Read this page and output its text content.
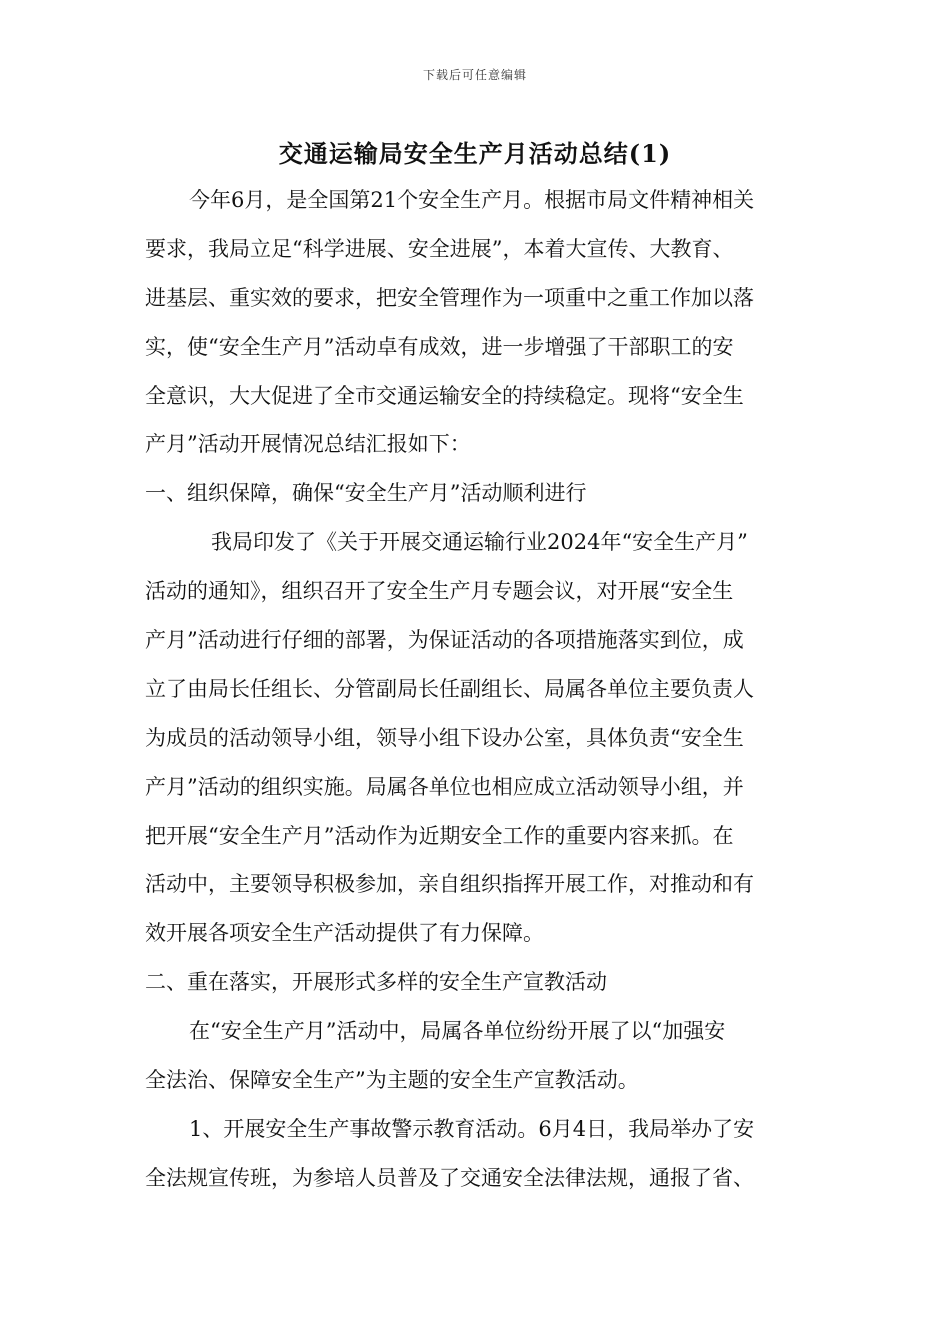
下载后可任意编辑
交通运输局安全生产月活动总结(1)
今年6月，是全国第21个安全生产月。根据市局文件精神相关
要求，我局立足“科学进展、安全进展”，本着大宣传、大教育、
进基层、重实效的要求，把安全管理作为一项重中之重工作加以落
实，使“安全生产月”活动卓有成效，进一步增强了干部职工的安
全意识，大大促进了全市交通运输安全的持续稳定。现将“安全生
产月”活动开展情况总结汇报如下：
一、组织保障，确保“安全生产月”活动顺利进行
我局印发了《关于开展交通运输行业2024年“安全生产月”
活动的通知》，组织召开了安全生产月专题会议，对开展“安全生
产月”活动进行仔细的部署，为保证活动的各项措施落实到位，成
立了由局长任组长、分管副局长任副组长、局属各单位主要负责人
为成员的活动领导小组，领导小组下设办公室，具体负责“安全生
产月”活动的组织实施。局属各单位也相应成立活动领导小组，并
把开展“安全生产月”活动作为近期安全工作的重要内容来抓。在
活动中，主要领导积极参加，亲自组织指挥开展工作，对推动和有
效开展各项安全生产活动提供了有力保障。
二、重在落实，开展形式多样的安全生产宣教活动
在“安全生产月”活动中，局属各单位纷纷开展了以“加强安
全法治、保障安全生产”为主题的安全生产宣教活动。
1、开展安全生产事故警示教育活动。6月4日，我局举办了安
全法规宣传班，为参培人员普及了交通安全法律法规，通报了省、
